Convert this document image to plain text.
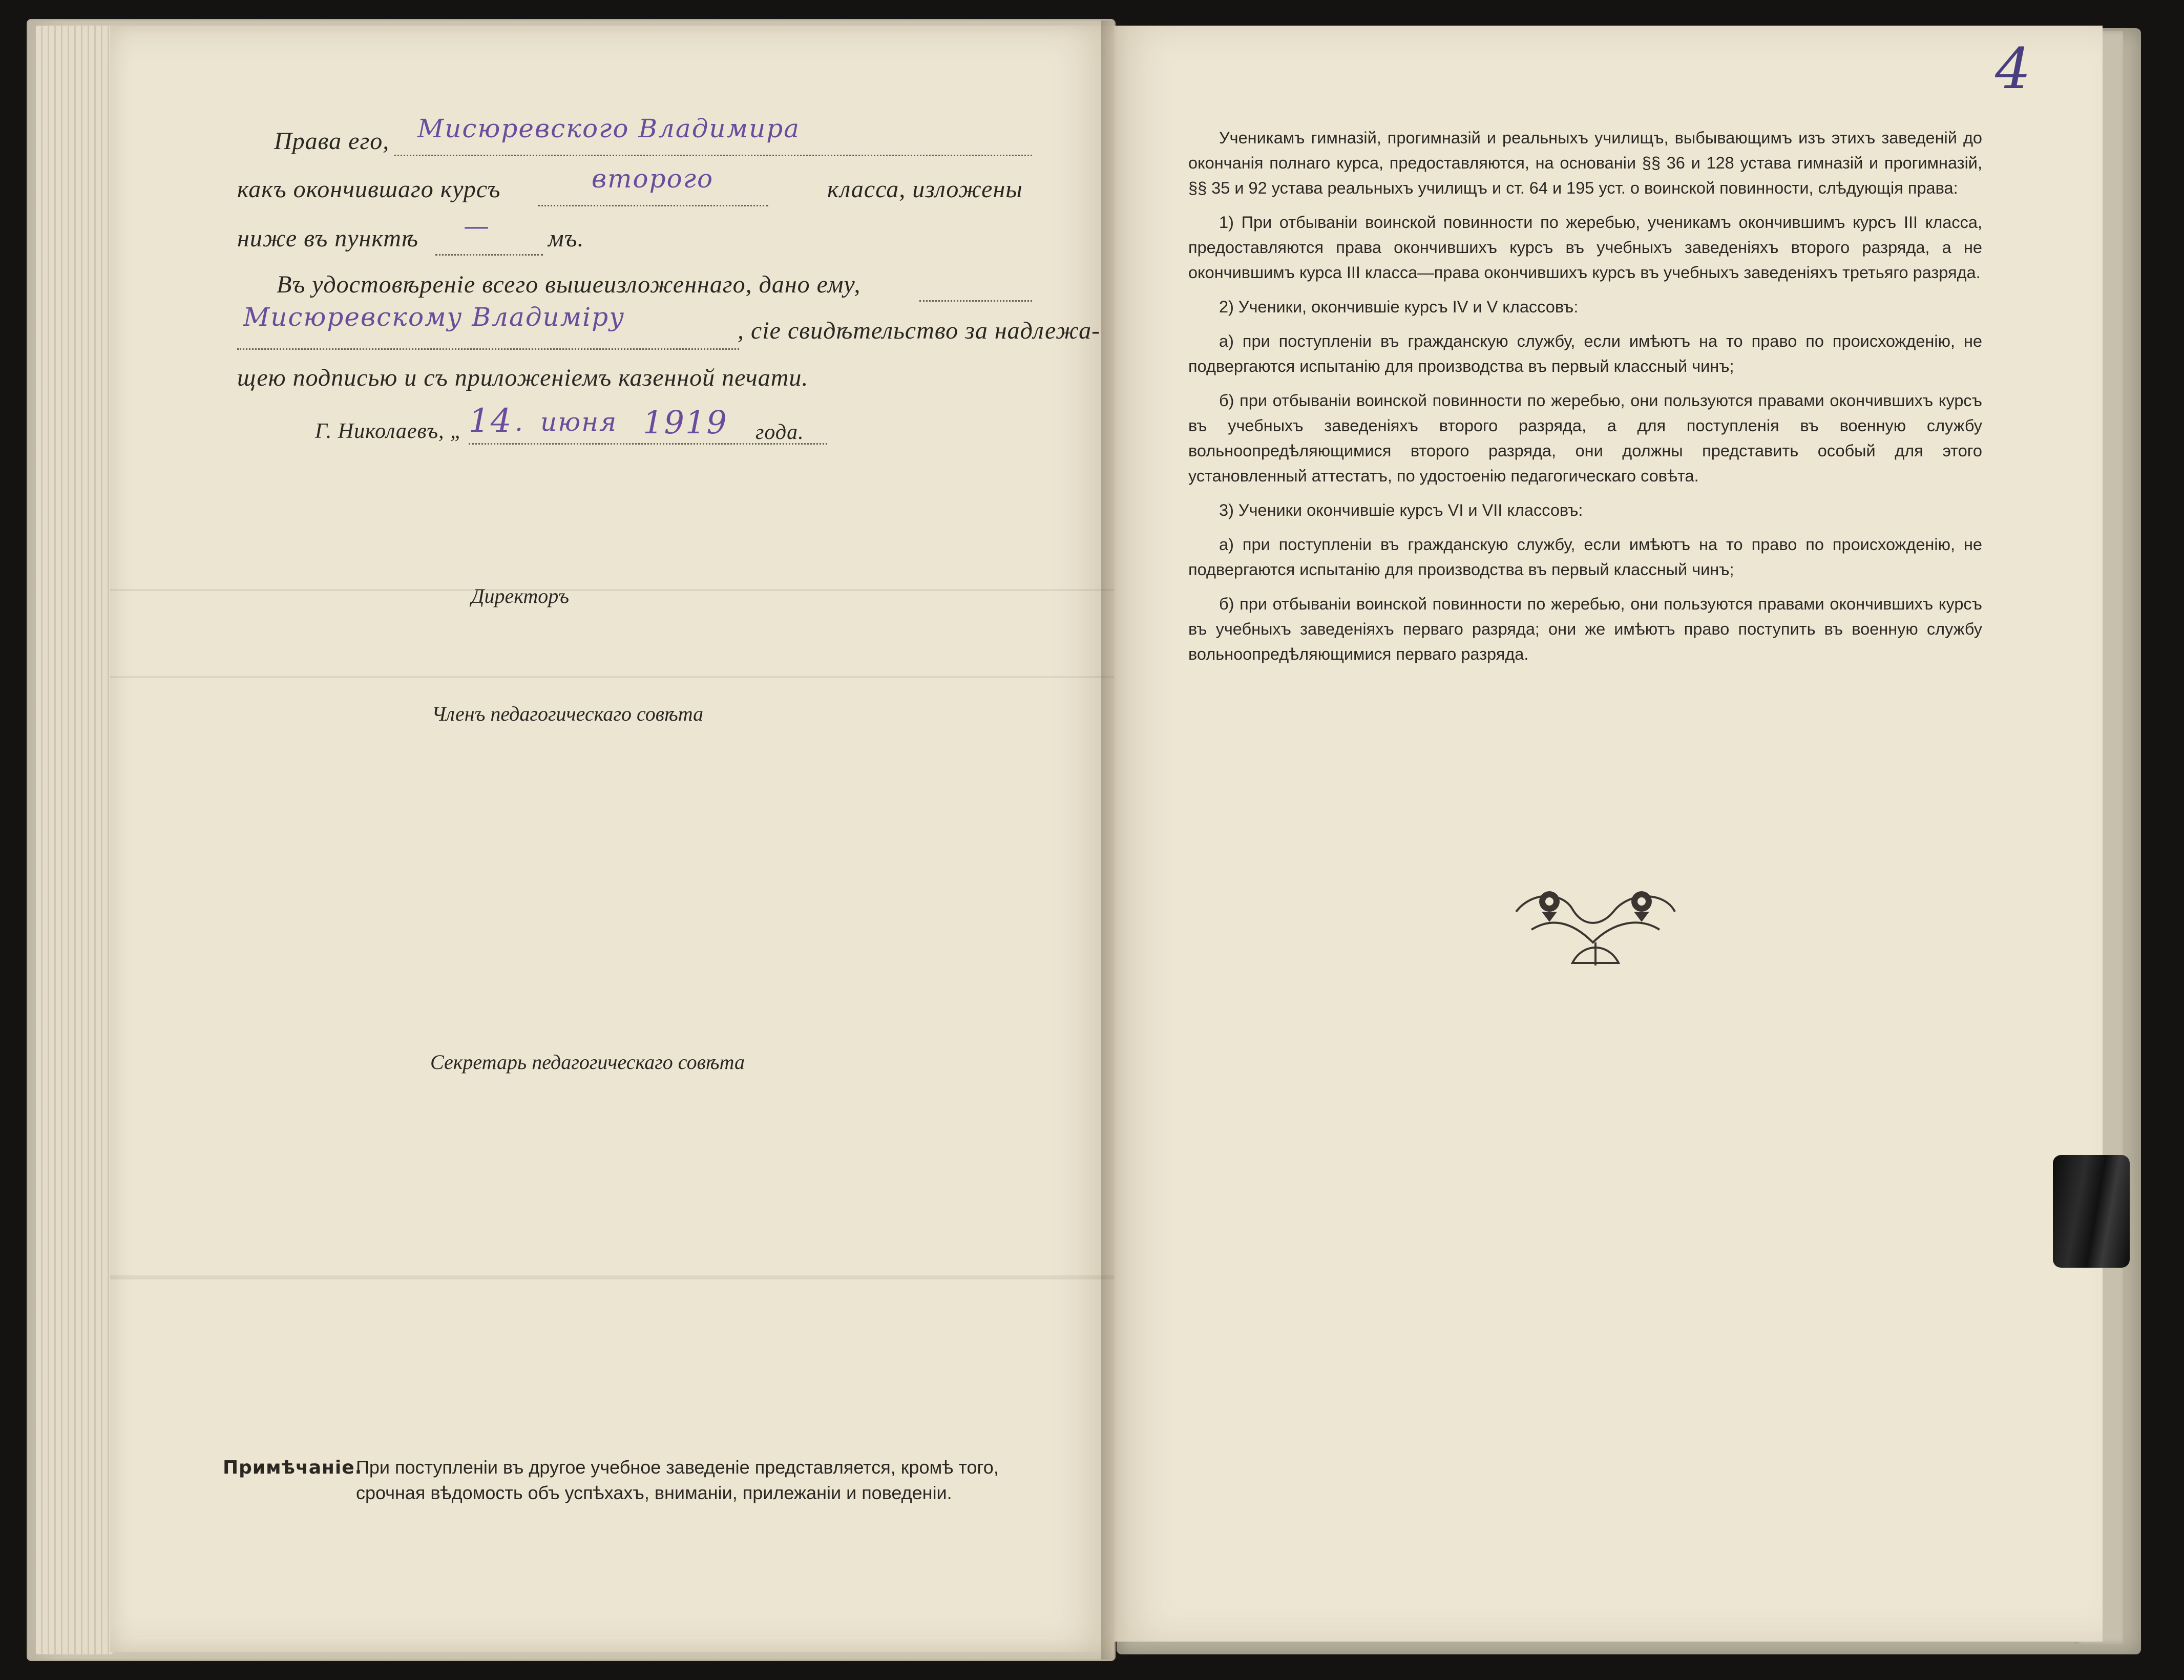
Права его, Мисюревского Владимира
какъ окончившаго курсъ	второго	класса, изложены
ниже въ пунктѣ — мъ.
Въ удостовѣреніе всего вышеизложеннаго, дано ему,
Мисюревскому Владиміру	, сіе свидѣтельство за надлежа-
щею подписью и съ приложеніемъ казенной печати.
Г. Николаевъ, „ 14 . июня 1919 года.
Директоръ
Членъ педагогическаго совѣта
Секретарь педагогическаго совѣта
Примѣчаніе.
При поступленіи въ другое учебное заведеніе представляется, кромѣ того,
срочная вѣдомость объ успѣхахъ, вниманіи, прилежаніи и поведеніи.
4

Ученикамъ гимназій, прогимназій и реальныхъ училищъ, выбывающимъ изъ этихъ заведеній до окончанія полнаго курса, предоставляются, на основаніи §§ 36 и 128 устава гимназій и прогимназій, §§ 35 и 92 устава реальныхъ училищъ и ст. 64 и 195 уст. о воинской повинности, слѣдующія права:

1) При отбываніи воинской повинности по жеребью, ученикамъ окончившимъ курсъ III класса, предоставляются права окончившихъ курсъ въ учебныхъ заведеніяхъ второго разряда, а не окончившимъ курса III класса—права окончившихъ курсъ въ учебныхъ заведеніяхъ третьяго разряда.

2) Ученики, окончившіе курсъ IV и V классовъ:

а) при поступленіи въ гражданскую службу, если имѣютъ на то право по происхожденію, не подвергаются испытанію для производства въ первый классный чинъ;

б) при отбываніи воинской повинности по жеребью, они пользуются правами окончившихъ курсъ въ учебныхъ заведеніяхъ второго разряда, а для поступленія въ военную службу вольноопредѣляющимися второго разряда, они должны представить особый для этого установленный аттестатъ, по удостоенію педагогическаго совѣта.

3) Ученики окончившіе курсъ VI и VII классовъ:

а) при поступленіи въ гражданскую службу, если имѣютъ на то право по происхожденію, не подвергаются испытанію для производства въ первый классный чинъ;

б) при отбываніи воинской повинности по жеребью, они пользуются правами окончившихъ курсъ въ учебныхъ заведеніяхъ перваго разряда; они же имѣютъ право поступить въ военную службу вольноопредѣляющимися перваго разряда.
